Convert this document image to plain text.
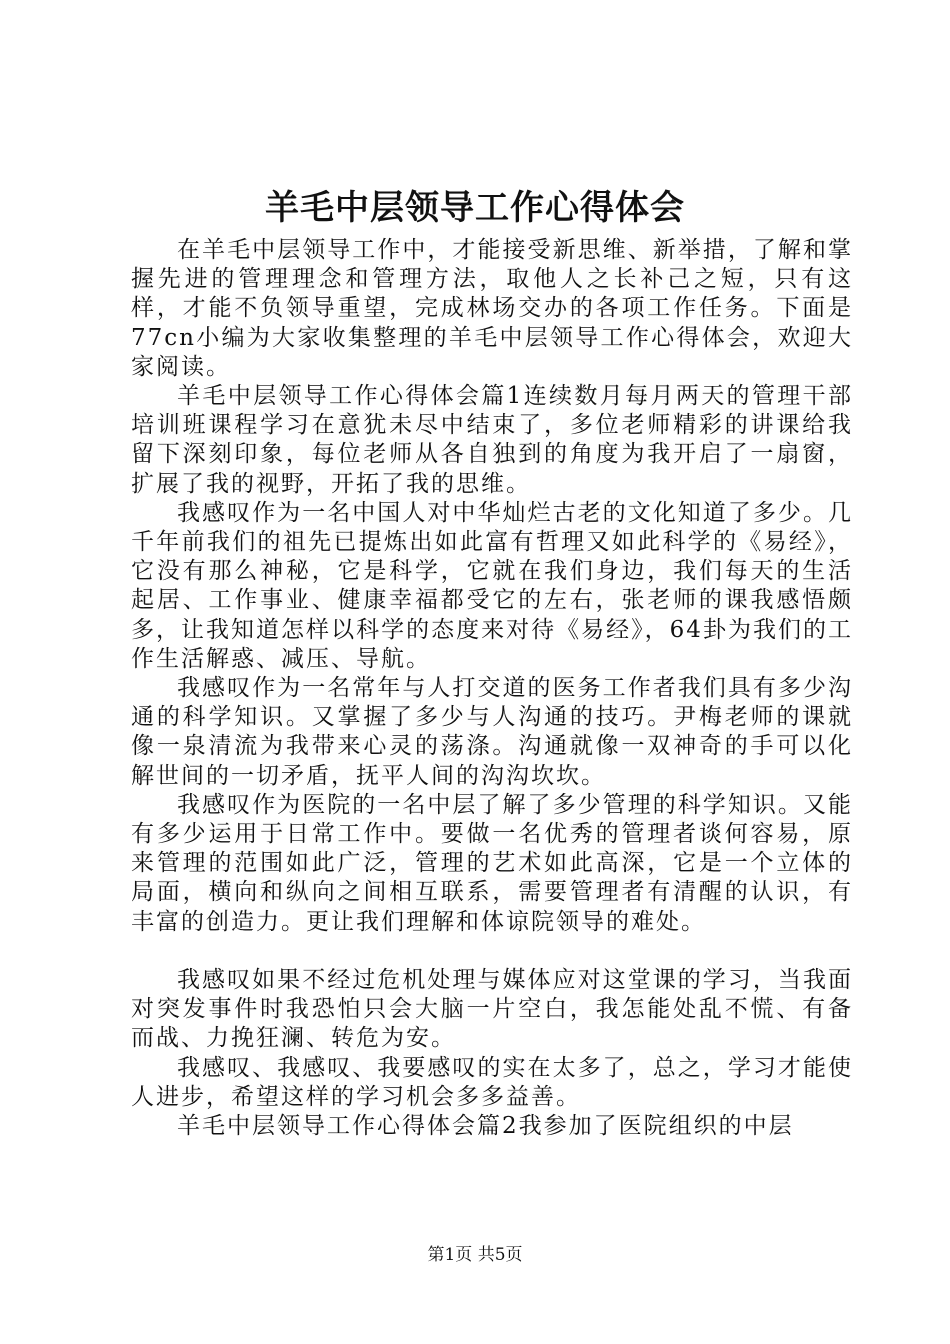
羊毛中层领导工作心得体会

在羊毛中层领导工作中，才能接受新思维、新举措，了解和掌握先进的管理理念和管理方法，取他人之长补己之短，只有这样，才能不负领导重望，完成林场交办的各项工作任务。下面是77cn小编为大家收集整理的羊毛中层领导工作心得体会，欢迎大家阅读。

羊毛中层领导工作心得体会篇1连续数月每月两天的管理干部培训班课程学习在意犹未尽中结束了，多位老师精彩的讲课给我留下深刻印象，每位老师从各自独到的角度为我开启了一扇窗，扩展了我的视野，开拓了我的思维。

我感叹作为一名中国人对中华灿烂古老的文化知道了多少。几千年前我们的祖先已提炼出如此富有哲理又如此科学的《易经》，它没有那么神秘，它是科学，它就在我们身边，我们每天的生活起居、工作事业、健康幸福都受它的左右，张老师的课我感悟颇多，让我知道怎样以科学的态度来对待《易经》，64卦为我们的工作生活解惑、减压、导航。

我感叹作为一名常年与人打交道的医务工作者我们具有多少沟通的科学知识。又掌握了多少与人沟通的技巧。尹梅老师的课就像一泉清流为我带来心灵的荡涤。沟通就像一双神奇的手可以化解世间的一切矛盾，抚平人间的沟沟坎坎。

我感叹作为医院的一名中层了解了多少管理的科学知识。又能有多少运用于日常工作中。要做一名优秀的管理者谈何容易，原来管理的范围如此广泛，管理的艺术如此高深，它是一个立体的局面，横向和纵向之间相互联系，需要管理者有清醒的认识，有丰富的创造力。更让我们理解和体谅院领导的难处。

我感叹如果不经过危机处理与媒体应对这堂课的学习，当我面对突发事件时我恐怕只会大脑一片空白，我怎能处乱不慌、有备而战、力挽狂澜、转危为安。

我感叹、我感叹、我要感叹的实在太多了，总之，学习才能使人进步，希望这样的学习机会多多益善。

羊毛中层领导工作心得体会篇2我参加了医院组织的中层

第1页 共5页
